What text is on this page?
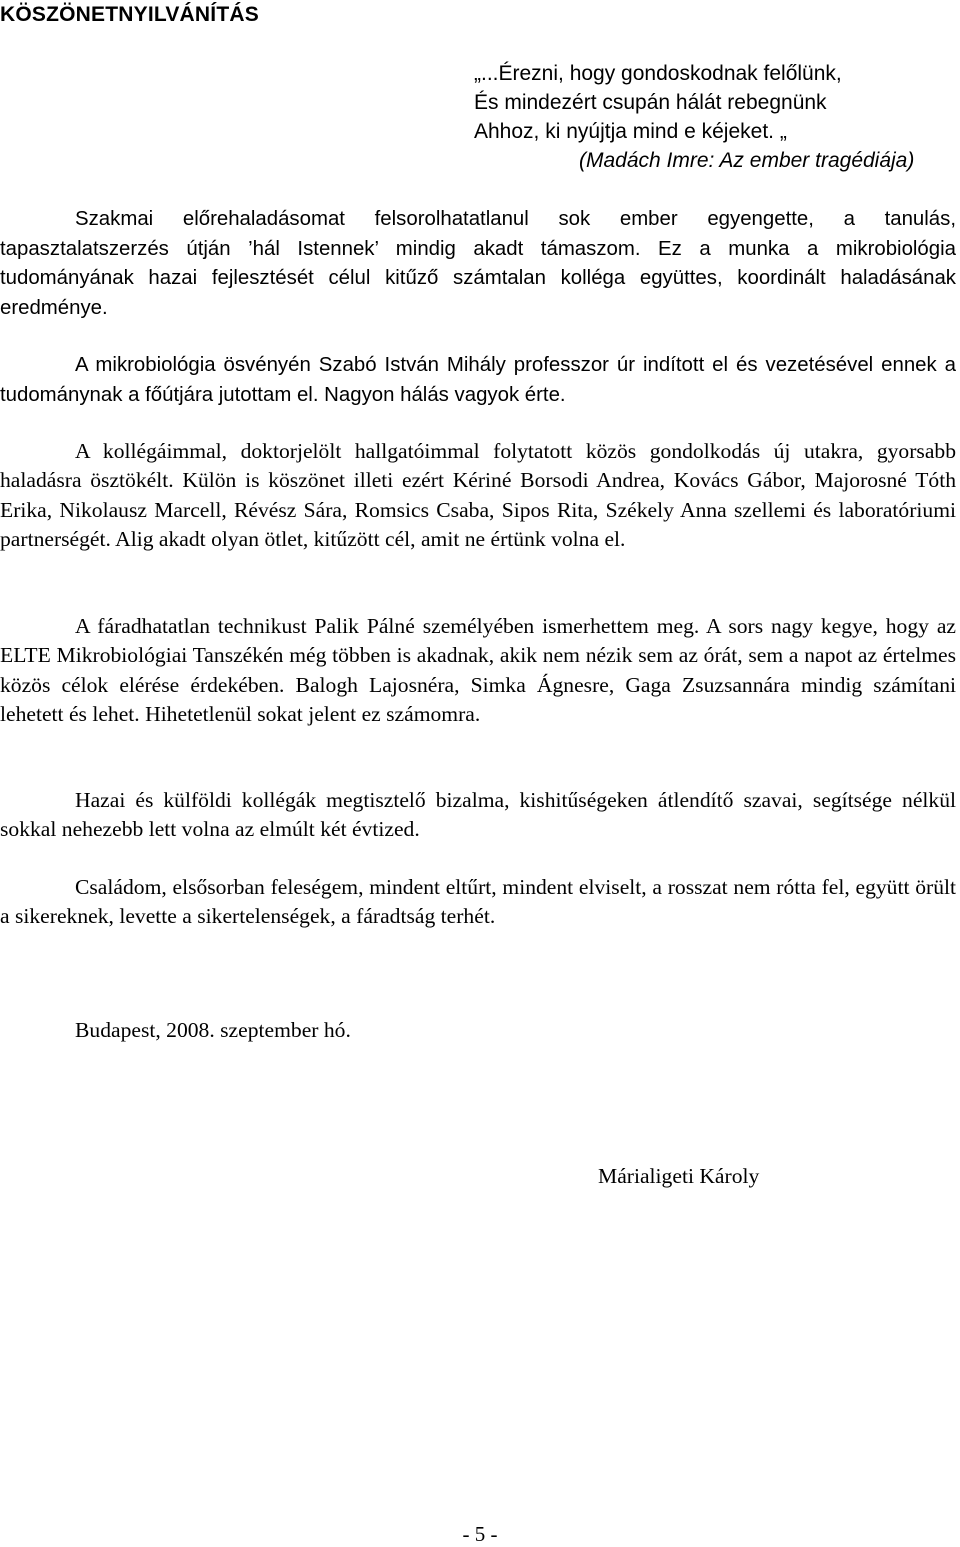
KÖSZÖNETNYILVÁNÍTÁS
„...Érezni, hogy gondoskodnak felőlünk,
És mindezért csupán hálát rebegnünk
Ahhoz, ki nyújtja mind e kéjeket. „
(Madách Imre: Az ember tragédiája)

Szakmai előrehaladásomat felsorolhatatlanul sok ember egyengette, a tanulás, tapasztalatszerzés útján ’hál Istennek’ mindig akadt támaszom. Ez a munka a mikrobiológia tudományának hazai fejlesztését célul kitűző számtalan kolléga együttes, koordinált haladásának eredménye.

A mikrobiológia ösvényén Szabó István Mihály professzor úr indított el és vezetésével ennek a tudománynak a főútjára jutottam el. Nagyon hálás vagyok érte.

A kollégáimmal, doktorjelölt hallgatóimmal folytatott közös gondolkodás új utakra, gyorsabb haladásra ösztökélt. Külön is köszönet illeti ezért Kériné Borsodi Andrea, Kovács Gábor, Majorosné Tóth Erika, Nikolausz Marcell, Révész Sára, Romsics Csaba, Sipos Rita, Székely Anna szellemi és laboratóriumi partnerségét. Alig akadt olyan ötlet, kitűzött cél, amit ne értünk volna el.

A fáradhatatlan technikust Palik Pálné személyében ismerhettem meg. A sors nagy kegye, hogy az ELTE Mikrobiológiai Tanszékén még többen is akadnak, akik nem nézik sem az órát, sem a napot az értelmes közös célok elérése érdekében. Balogh Lajosnéra, Simka Ágnesre, Gaga Zsuzsannára mindig számítani lehetett és lehet. Hihetetlenül sokat jelent ez számomra.

Hazai és külföldi kollégák megtisztelő bizalma, kishitűségeken átlendítő szavai, segítsége nélkül sokkal nehezebb lett volna az elmúlt két évtized.

Családom, elsősorban feleségem, mindent eltűrt, mindent elviselt, a rosszat nem rótta fel, együtt örült a sikereknek, levette a sikertelenségek, a fáradtság terhét.

Budapest, 2008. szeptember hó.

Márialigeti Károly

- 5 -
